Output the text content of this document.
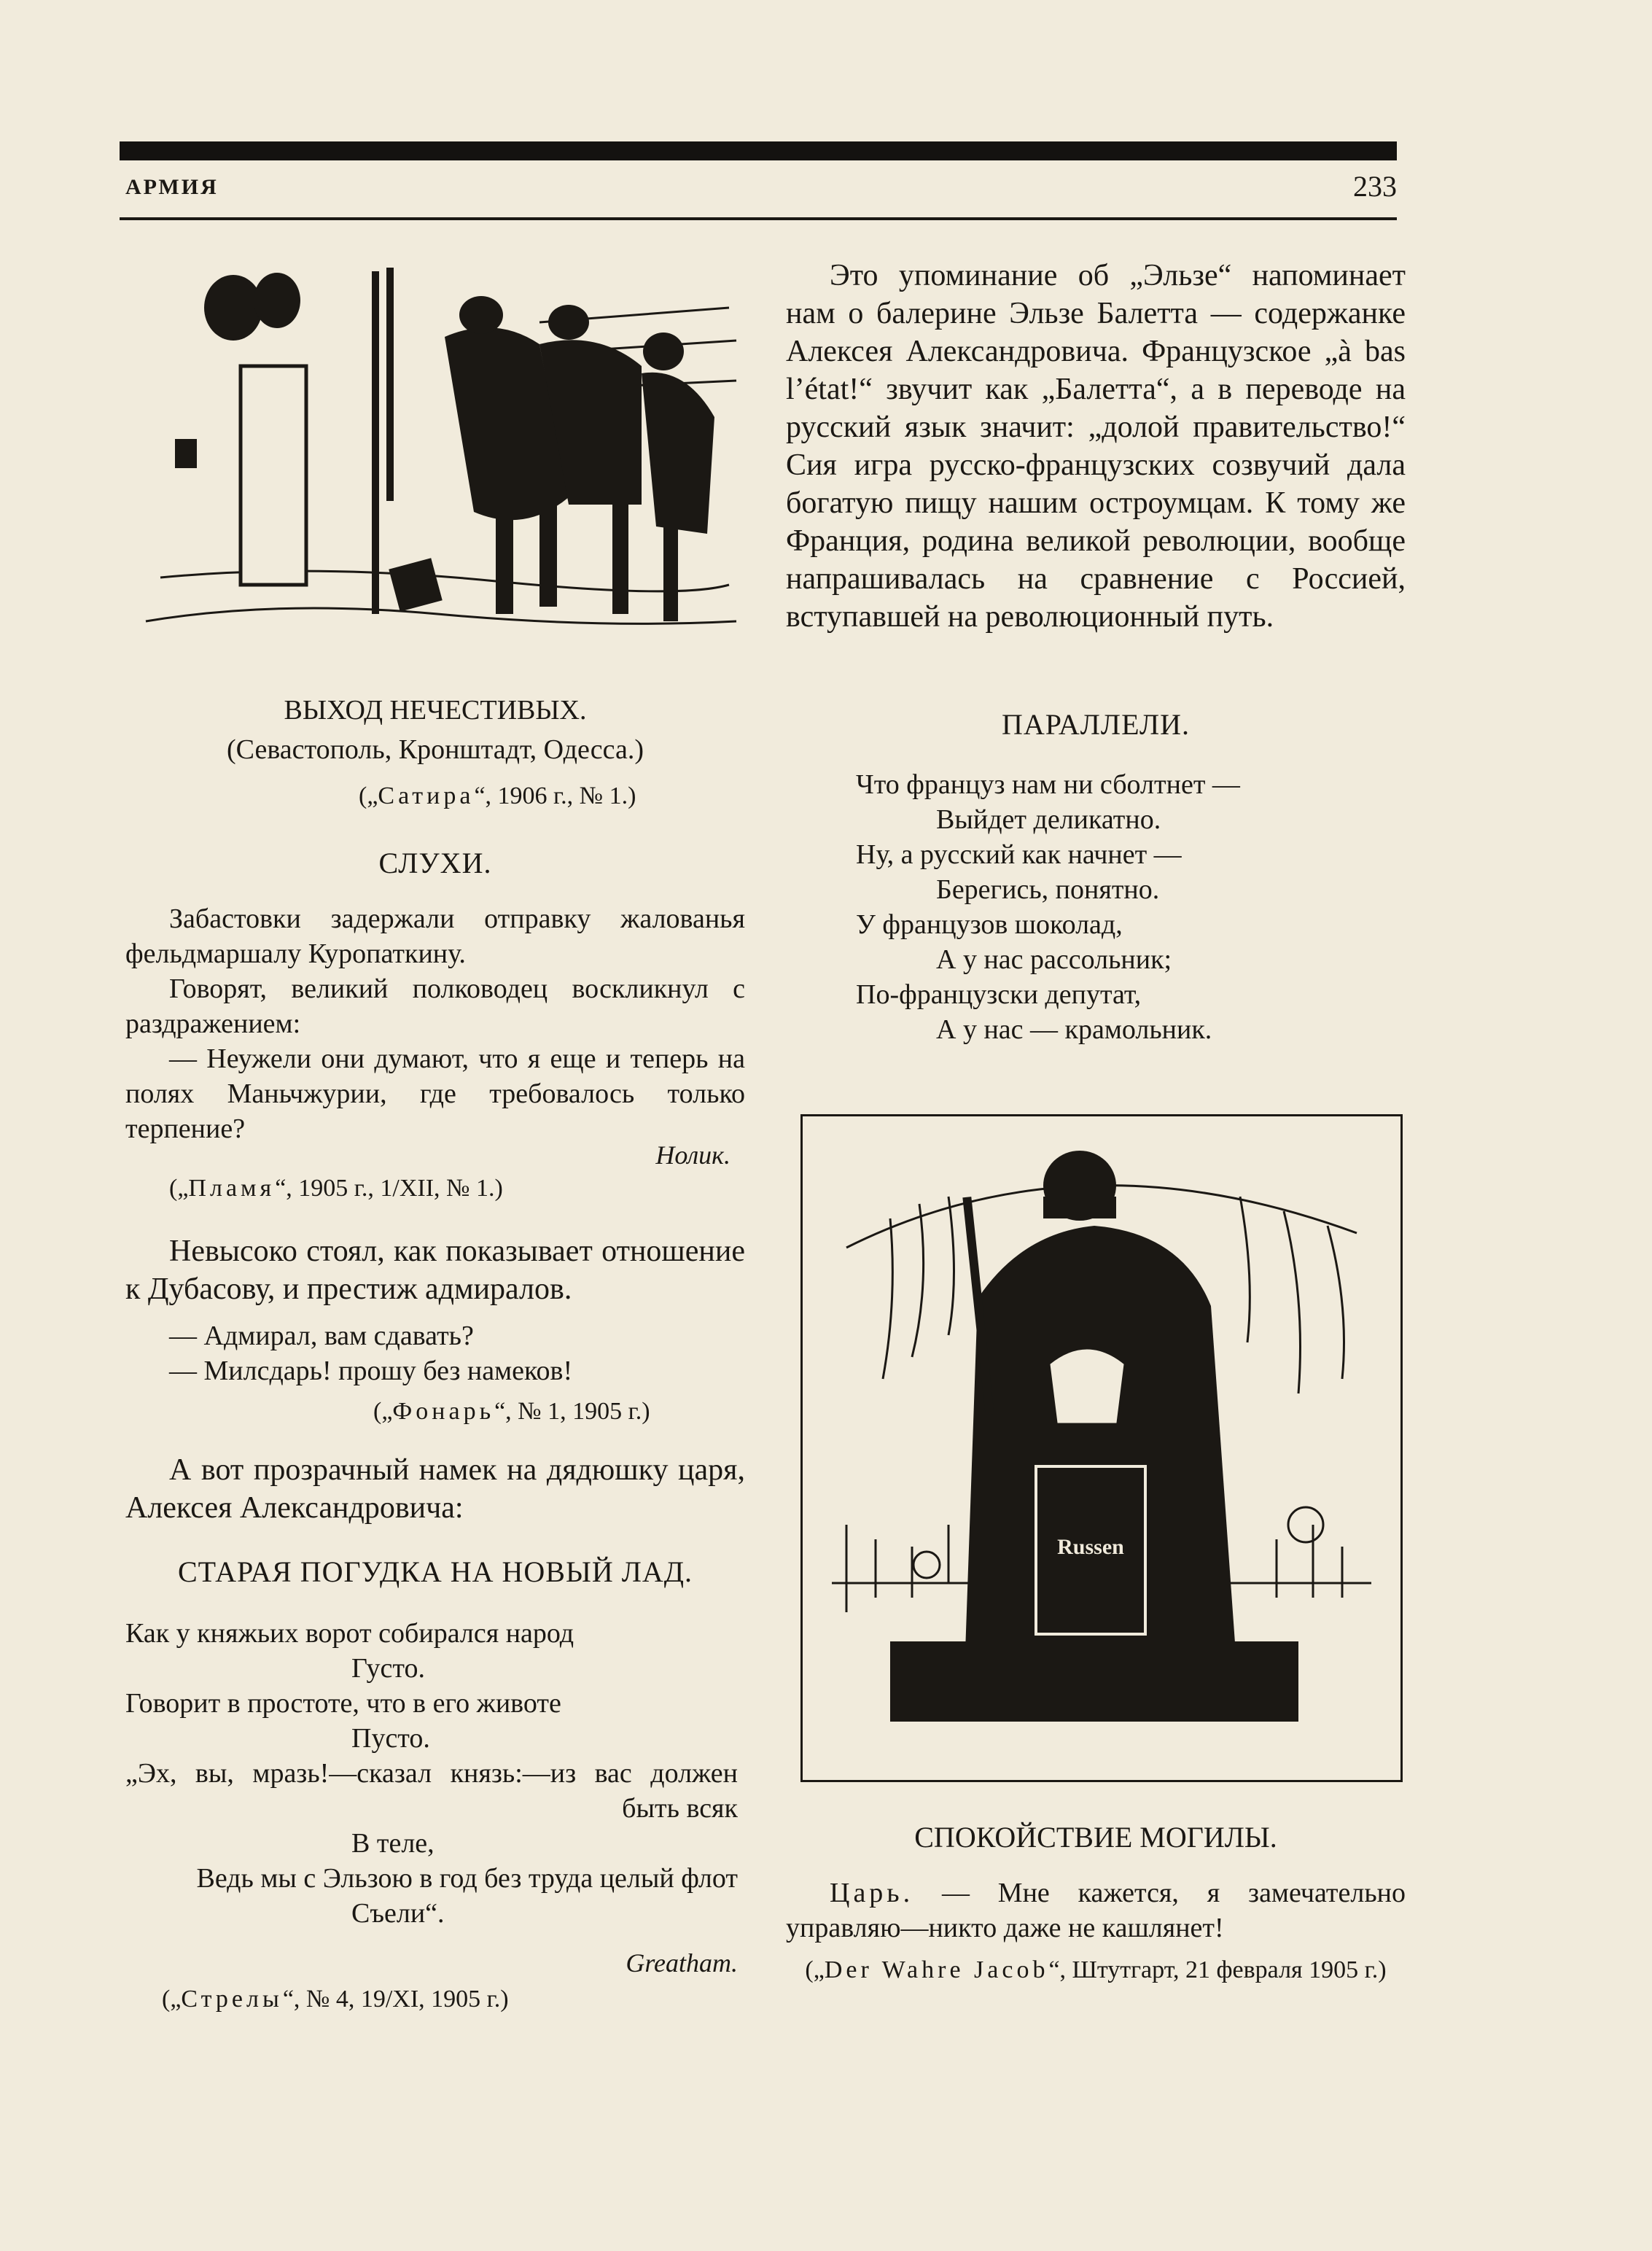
АРМИЯ	233
ВЫХОД НЕЧЕСТИВЫХ.
(Севастополь, Кронштадт, Одесса.)
(„Сатира“, 1906 г., № 1.)
СЛУХИ.
Забастовки задержали отправку жалованья фельдмаршалу Куропаткину.
Говорят, великий полководец воскликнул с раздражением:
— Неужели они думают, что я еще и теперь на полях Маньчжурии, где требовалось только терпение?
Нолик.
(„Пламя“, 1905 г., 1/XII, № 1.)
Невысоко стоял, как показывает отношение к Дубасову, и престиж адмиралов.
— Адмирал, вам сдавать?
— Милсдарь! прошу без намеков!
(„Фонарь“, № 1, 1905 г.)
А вот прозрачный намек на дядюшку царя, Алексея Александровича:
СТАРАЯ ПОГУДКА НА НОВЫЙ ЛАД.
Как у княжьих ворот собирался народ
Густо.
Говорит в простоте, что в его животе
Пусто.
„Эх, вы, мразь!—сказал князь:—из вас должен быть всяк
В теле,
Ведь мы с Эльзою в год без труда целый флот
Съели“.
Greatham.
(„Стрелы“, № 4, 19/XI, 1905 г.)
Это упоминание об „Эльзе“ напоминает нам о балерине Эльзе Балетта — содержанке Алексея Александровича. Французское „à bas l’état!“ звучит как „Балетта“, а в переводе на русский язык значит: „долой правительство!“ Сия игра русско-французских созвучий дала богатую пищу нашим остроумцам. К тому же Франция, родина великой революции, вообще напрашивалась на сравнение с Россией, вступавшей на революционный путь.
ПАРАЛЛЕЛИ.
Что француз нам ни сболтнет —
Выйдет деликатно.
Ну, а русский как начнет —
Берегись, понятно.
У французов шоколад,
А у нас рассольник;
По-французски депутат,
А у нас — крамольник.
Russen
СПОКОЙСТВИЕ МОГИЛЫ.
Царь. — Мне кажется, я замечательно управляю—никто даже не кашлянет!
(„Der Wahre Jacob“, Штутгарт, 21 февраля 1905 г.)
